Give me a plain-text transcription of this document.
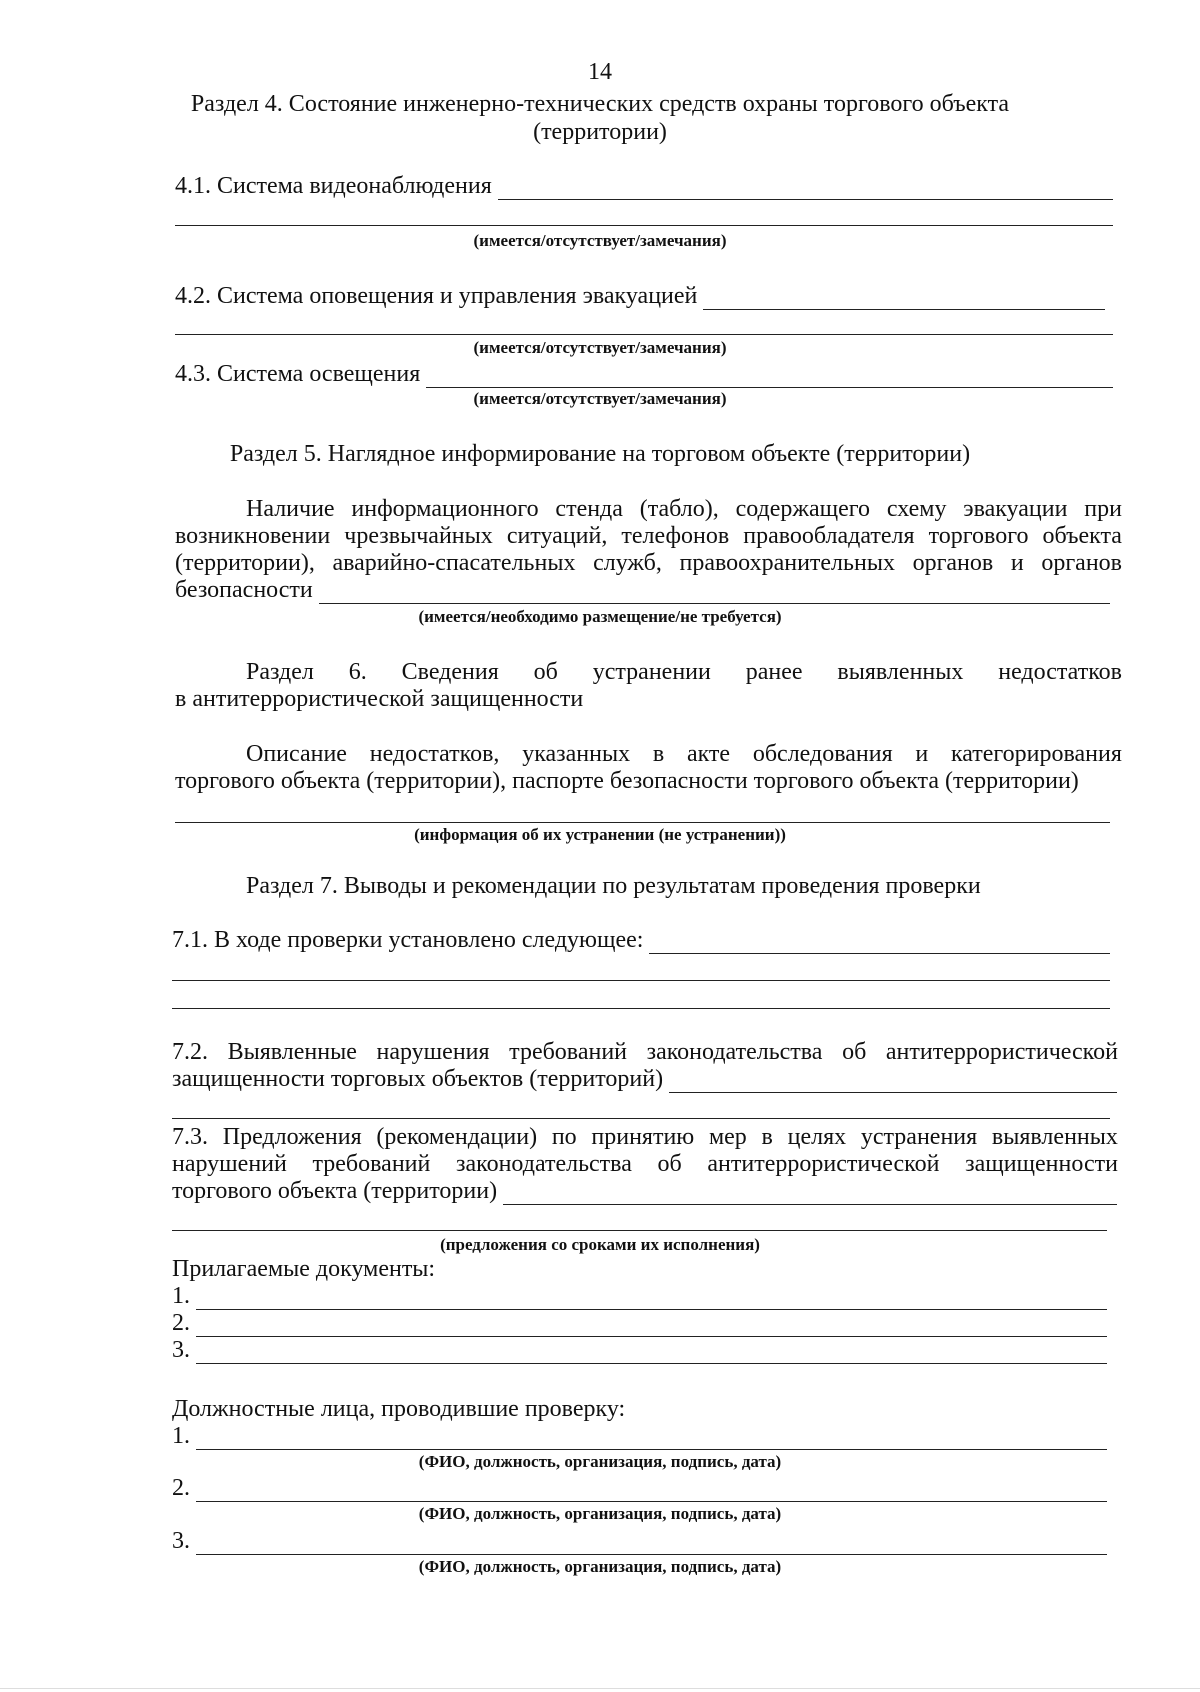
14
Раздел 4. Состояние инженерно-технических средств охраны торгового объекта
(территории)
4.1. Система видеонаблюдения
(имеется/отсутствует/замечания)
4.2. Система оповещения и управления эвакуацией
(имеется/отсутствует/замечания)
4.3. Система освещения
(имеется/отсутствует/замечания)
Раздел 5. Наглядное информирование на торговом объекте (территории)
Наличие информационного стенда (табло), содержащего схему эвакуации при
возникновении чрезвычайных ситуаций, телефонов правообладателя торгового объекта
(территории), аварийно-спасательных служб, правоохранительных органов и органов
безопасности
(имеется/необходимо размещение/не требуется)
Раздел 6. Сведения об устранении ранее выявленных недостатков
в антитеррористической защищенности
Описание недостатков, указанных в акте обследования и категорирования
торгового объекта (территории), паспорте безопасности торгового объекта (территории)
(информация об их устранении (не устранении))
Раздел 7. Выводы и рекомендации по результатам проведения проверки
7.1. В ходе проверки установлено следующее:
7.2. Выявленные нарушения требований законодательства об антитеррористической
защищенности торговых объектов (территорий)
7.3. Предложения (рекомендации) по принятию мер в целях устранения выявленных
нарушений требований законодательства об антитеррористической защищенности
торгового объекта (территории)
(предложения со сроками их исполнения)
Прилагаемые документы:
1.
2.
3.
Должностные лица, проводившие проверку:
1.
(ФИО, должность, организация, подпись, дата)
2.
(ФИО, должность, организация, подпись, дата)
3.
(ФИО, должность, организация, подпись, дата)
